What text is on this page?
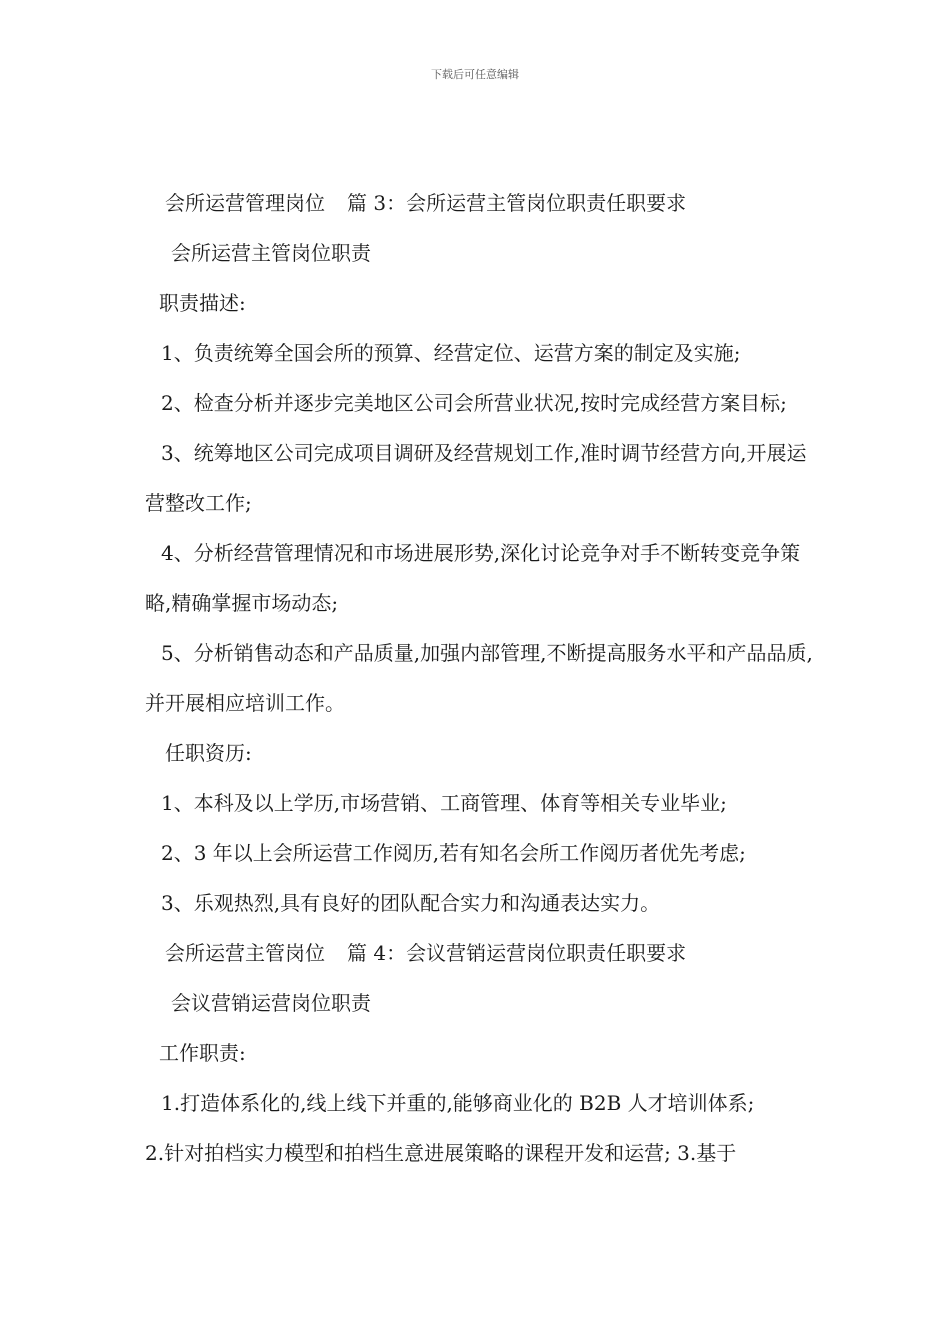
下载后可任意编辑

会所运营管理岗位 篇 3：会所运营主管岗位职责任职要求

会所运营主管岗位职责

职责描述:

1、负责统筹全国会所的预算、经营定位、运营方案的制定及实施;

2、检查分析并逐步完美地区公司会所营业状况,按时完成经营方案目标;

3、统筹地区公司完成项目调研及经营规划工作,准时调节经营方向,开展运营整改工作;

4、分析经营管理情况和市场进展形势,深化讨论竞争对手不断转变竞争策略,精确掌握市场动态;

5、分析销售动态和产品质量,加强内部管理,不断提高服务水平和产品品质,并开展相应培训工作。

任职资历:

1、本科及以上学历,市场营销、工商管理、体育等相关专业毕业;

2、3 年以上会所运营工作阅历,若有知名会所工作阅历者优先考虑;

3、乐观热烈,具有良好的团队配合实力和沟通表达实力。

会所运营主管岗位 篇 4：会议营销运营岗位职责任职要求

会议营销运营岗位职责

工作职责:

1.打造体系化的,线上线下并重的,能够商业化的 B2B 人才培训体系;

2.针对拍档实力模型和拍档生意进展策略的课程开发和运营; 3.基于
